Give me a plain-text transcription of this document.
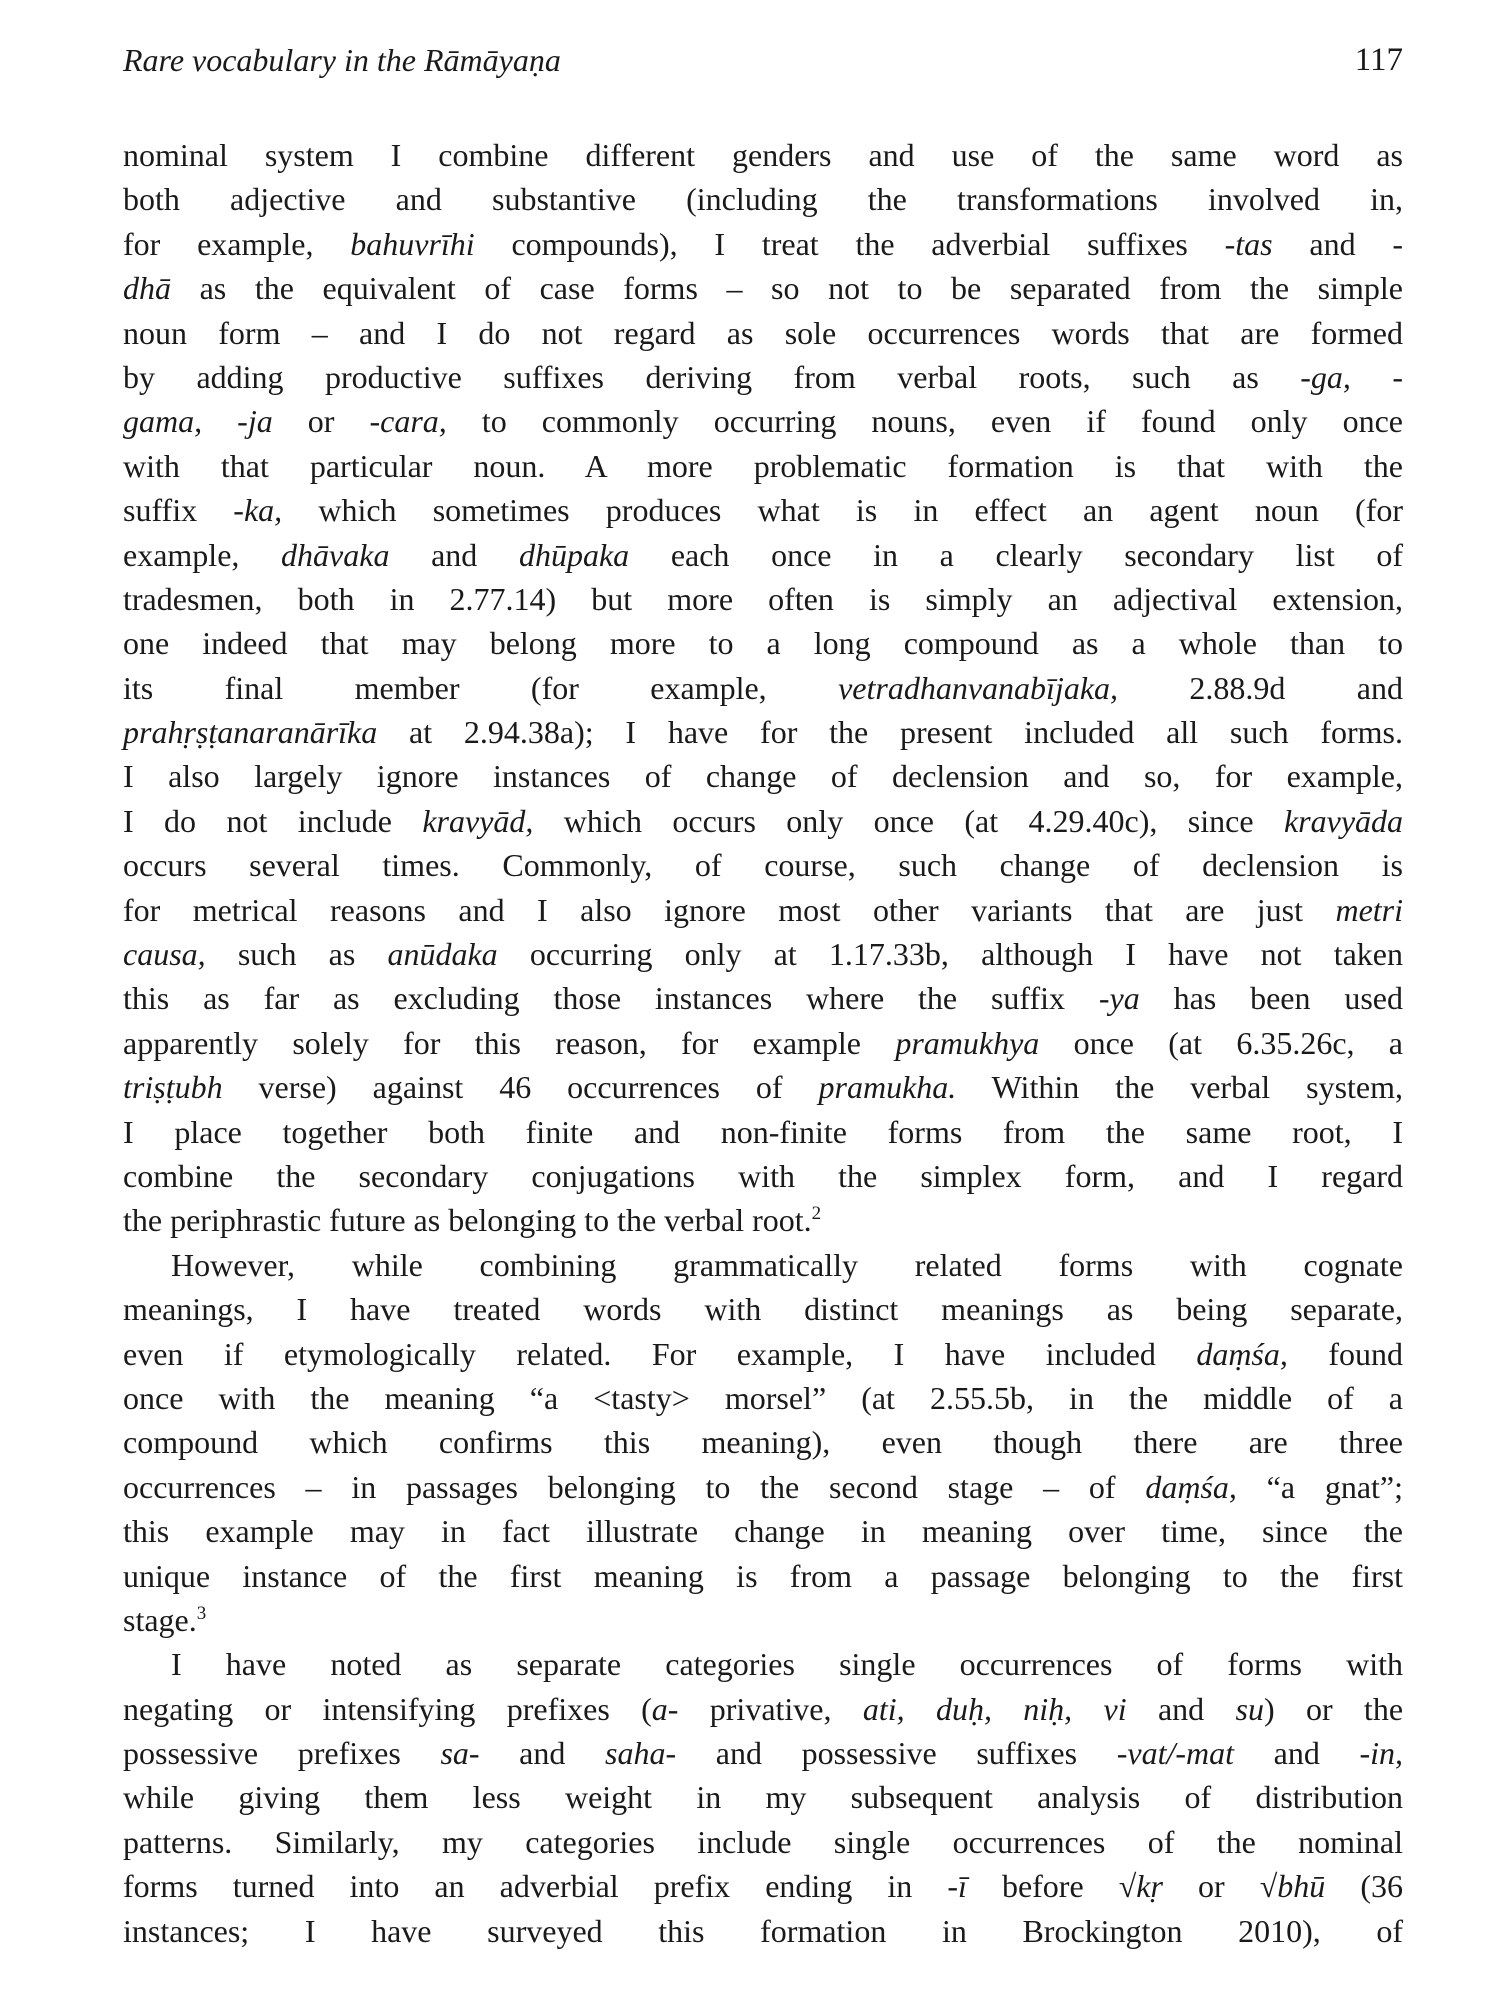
Rare vocabulary in the Rāmāyaṇa	117
nominal system I combine different genders and use of the same word as
both adjective and substantive (including the transformations involved in,
for example, bahuvrīhi compounds), I treat the adverbial suffixes -tas and -
dhā as the equivalent of case forms – so not to be separated from the simple
noun form – and I do not regard as sole occurrences words that are formed
by adding productive suffixes deriving from verbal roots, such as -ga, -
gama, -ja or -cara, to commonly occurring nouns, even if found only once
with that particular noun. A more problematic formation is that with the
suffix -ka, which sometimes produces what is in effect an agent noun (for
example, dhāvaka and dhūpaka each once in a clearly secondary list of
tradesmen, both in 2.77.14) but more often is simply an adjectival extension,
one indeed that may belong more to a long compound as a whole than to
its final member (for example, vetradhanvanabījaka, 2.88.9d and
prahṛṣṭanaranārīka at 2.94.38a); I have for the present included all such forms.
I also largely ignore instances of change of declension and so, for example,
I do not include kravyād, which occurs only once (at 4.29.40c), since kravyāda
occurs several times. Commonly, of course, such change of declension is
for metrical reasons and I also ignore most other variants that are just metri
causa, such as anūdaka occurring only at 1.17.33b, although I have not taken
this as far as excluding those instances where the suffix -ya has been used
apparently solely for this reason, for example pramukhya once (at 6.35.26c, a
triṣṭubh verse) against 46 occurrences of pramukha. Within the verbal system,
I place together both finite and non-finite forms from the same root, I
combine the secondary conjugations with the simplex form, and I regard
the periphrastic future as belonging to the verbal root.$^2$
However, while combining grammatically related forms with cognate
meanings, I have treated words with distinct meanings as being separate,
even if etymologically related. For example, I have included daṃśa, found
once with the meaning “a <tasty> morsel” (at 2.55.5b, in the middle of a
compound which confirms this meaning), even though there are three
occurrences – in passages belonging to the second stage – of daṃśa, “a gnat”;
this example may in fact illustrate change in meaning over time, since the
unique instance of the first meaning is from a passage belonging to the first
stage.$^3$
I have noted as separate categories single occurrences of forms with
negating or intensifying prefixes (a- privative, ati, duḥ, niḥ, vi and su) or the
possessive prefixes sa- and saha- and possessive suffixes -vat/-mat and -in,
while giving them less weight in my subsequent analysis of distribution
patterns. Similarly, my categories include single occurrences of the nominal
forms turned into an adverbial prefix ending in -ī before √kṛ or √bhū (36
instances; I have surveyed this formation in Brockington 2010), of
